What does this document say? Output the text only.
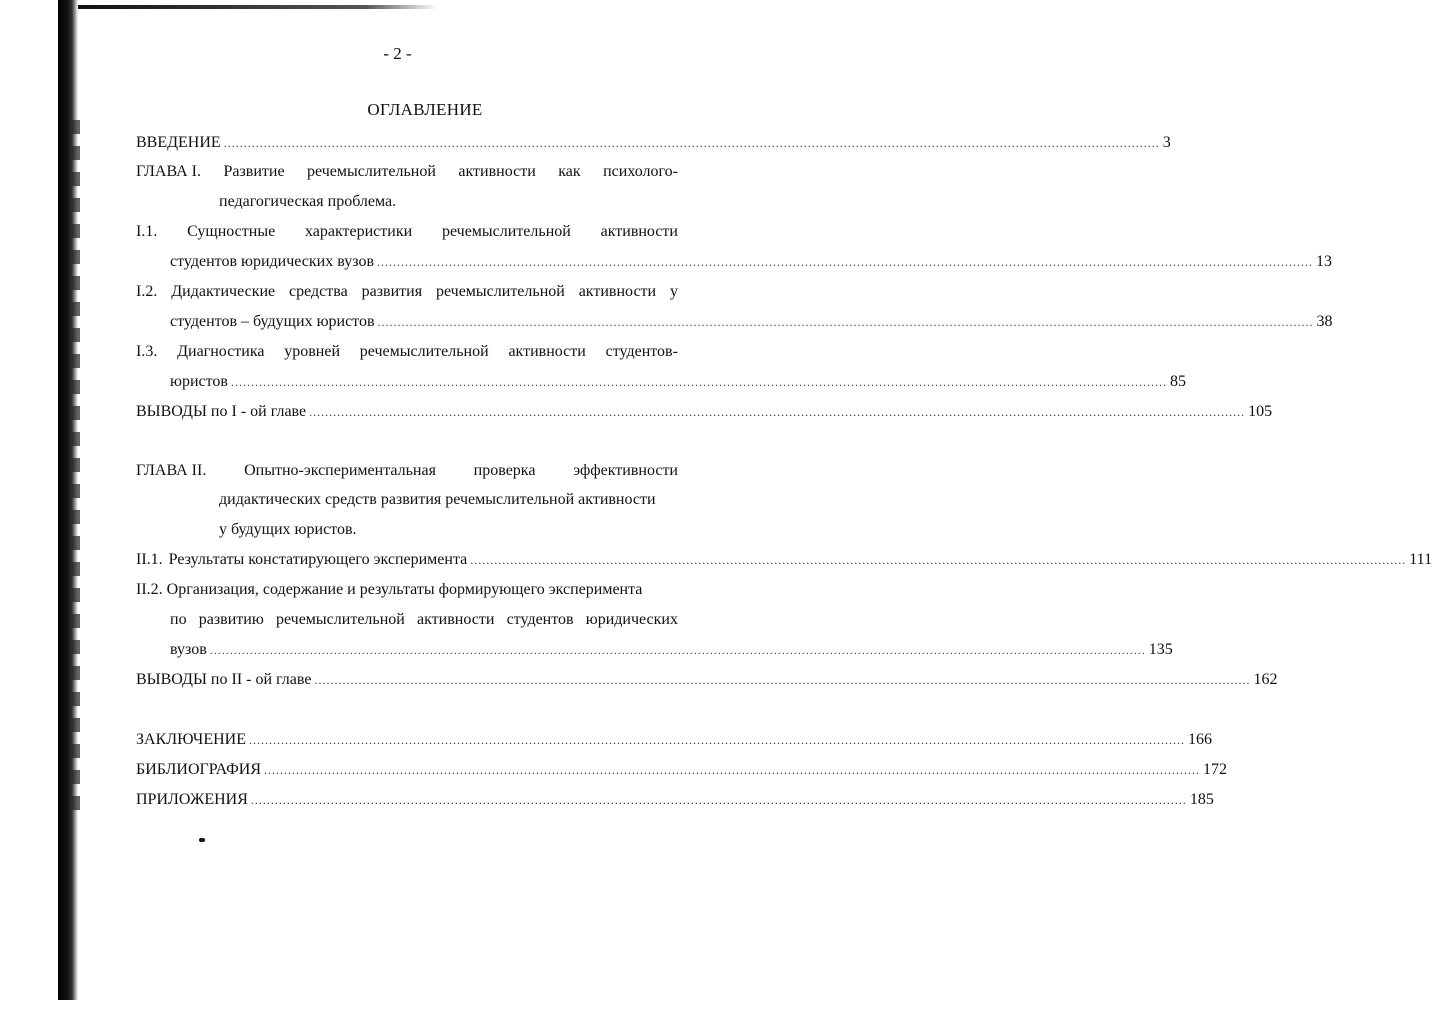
- 2 -
ОГЛАВЛЕНИЕ
ВВЕДЕНИЕ .......................................................................................................................................................................................................................................... 3
ГЛАВА I. Развитие речемыслительной активности как психолого-
педагогическая проблема.
I.1. Сущностные характеристики речемыслительной активности
студентов юридических вузов .......................................................................................................................................................................................................................................... 13
I.2. Дидактические средства развития речемыслительной активности у
студентов – будущих юристов .......................................................................................................................................................................................................................................... 38
I.3. Диагностика уровней речемыслительной активности студентов-
юристов .......................................................................................................................................................................................................................................... 85
ВЫВОДЫ по I - ой главе .......................................................................................................................................................................................................................................... 105
ГЛАВА II. Опытно-экспериментальная проверка эффективности
дидактических средств развития речемыслительной активности
у будущих юристов.
II.1. Результаты констатирующего эксперимента .......................................................................................................................................................................................................................................... 111
II.2. Организация, содержание и результаты формирующего эксперимента
по развитию речемыслительной активности студентов юридических
вузов .......................................................................................................................................................................................................................................... 135
ВЫВОДЫ по II - ой главе .......................................................................................................................................................................................................................................... 162
ЗАКЛЮЧЕНИЕ .......................................................................................................................................................................................................................................... 166
БИБЛИОГРАФИЯ .......................................................................................................................................................................................................................................... 172
ПРИЛОЖЕНИЯ .......................................................................................................................................................................................................................................... 185
